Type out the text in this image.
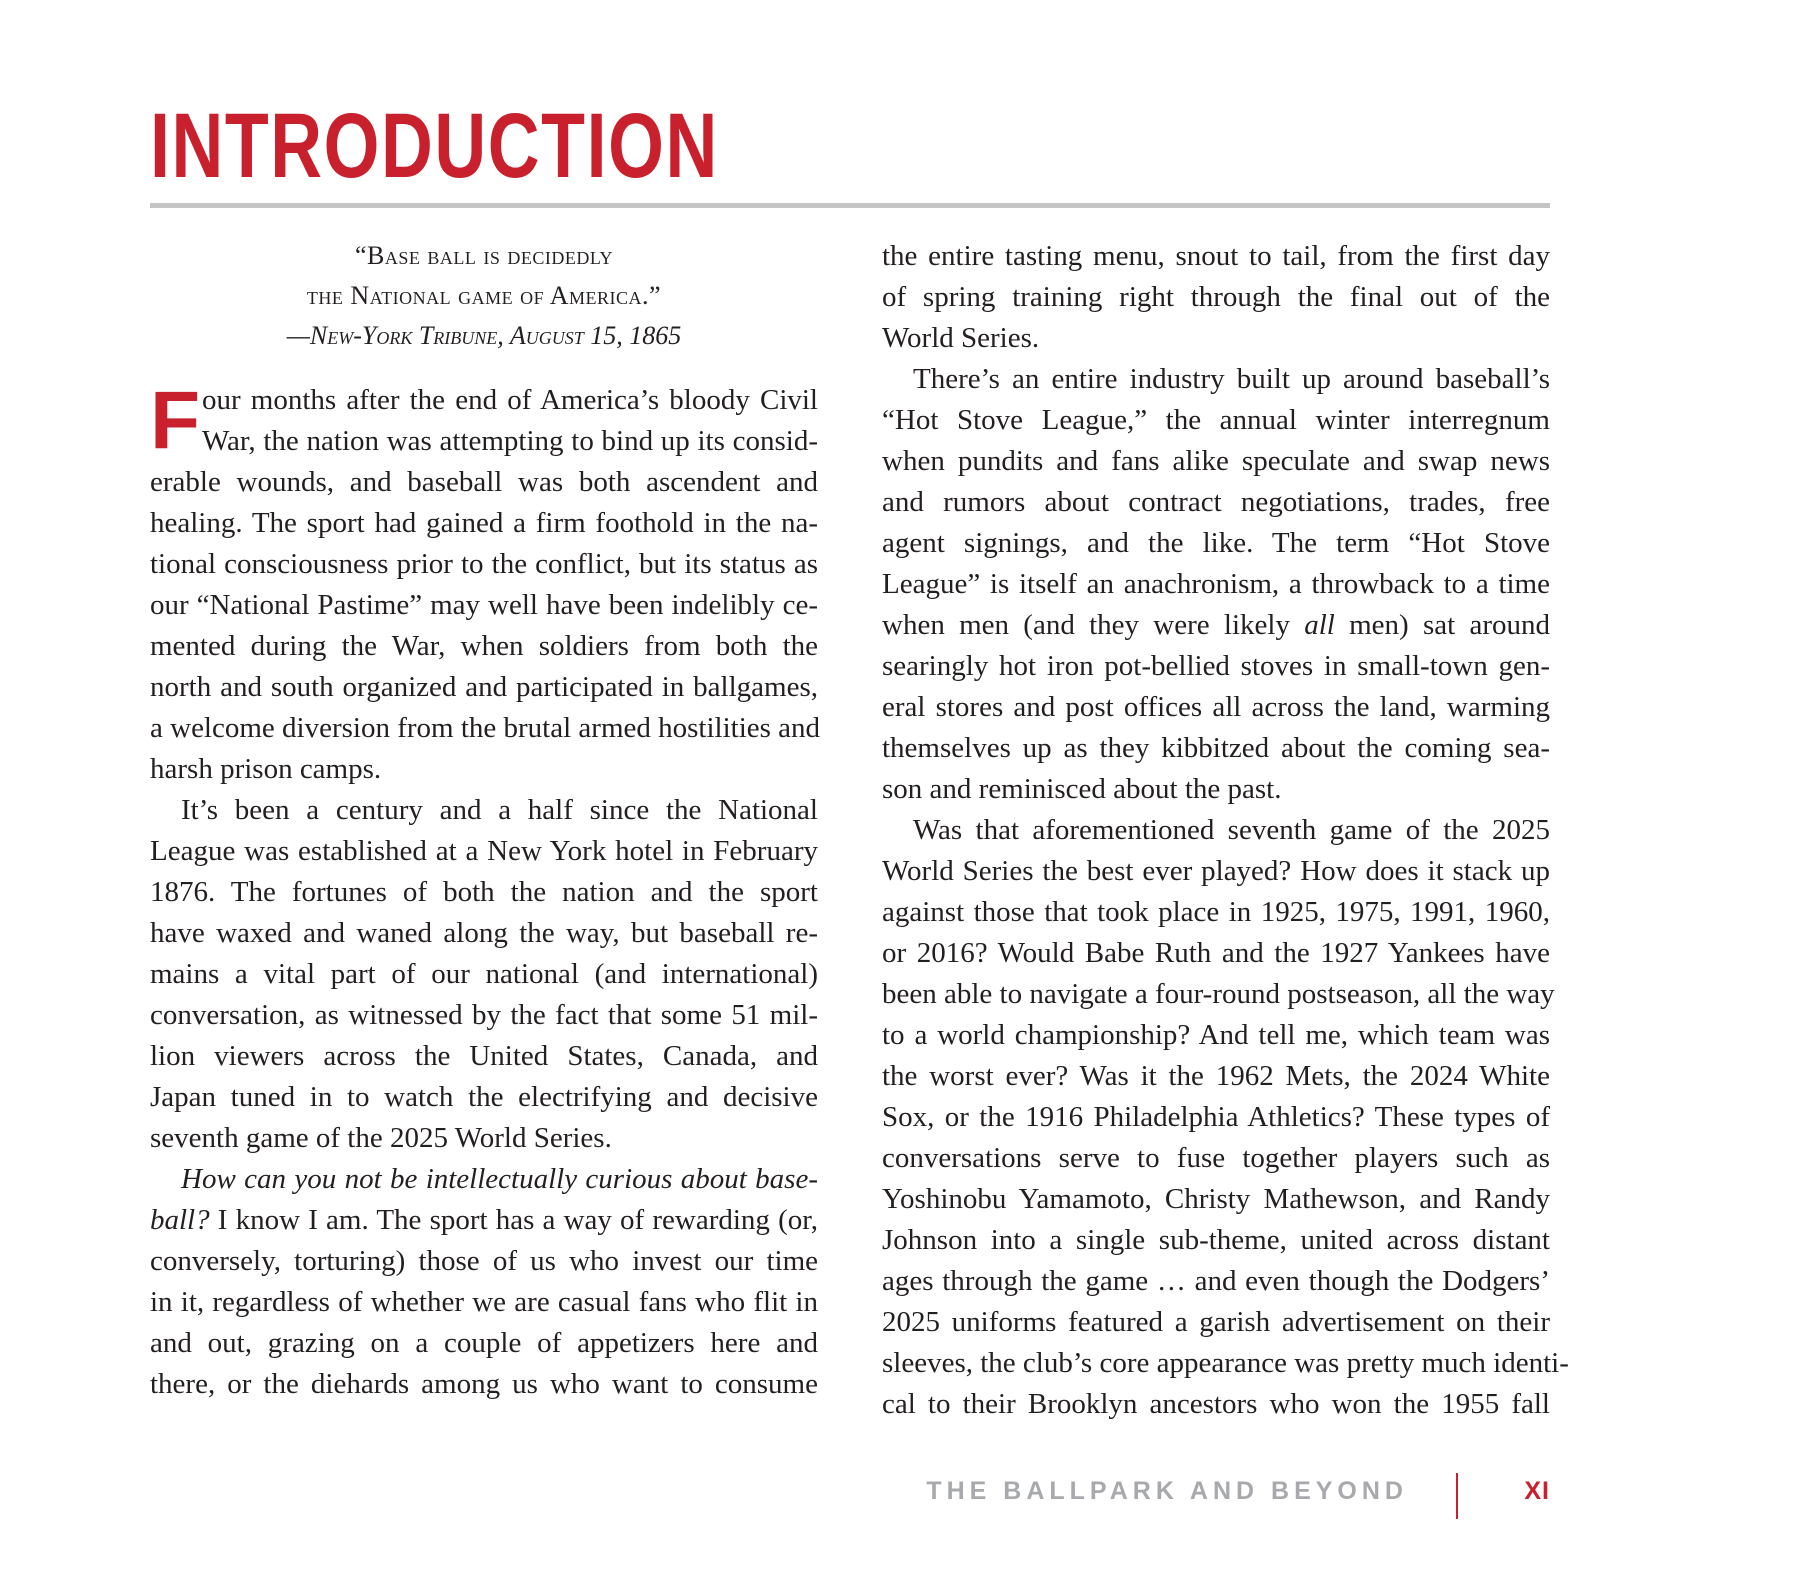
INTRODUCTION
“Base ball is decidedly
the National game of America.”
—New-York Tribune, August 15, 1865
F our months after the end of America’s bloody Civil
War, the nation was attempting to bind up its consid-
erable wounds, and baseball was both ascendent and
healing. The sport had gained a firm foothold in the na-
tional consciousness prior to the conflict, but its status as
our “National Pastime” may well have been indelibly ce-
mented during the War, when soldiers from both the
north and south organized and participated in ballgames,
a welcome diversion from the brutal armed hostilities and
harsh prison camps.
It’s been a century and a half since the National
League was established at a New York hotel in February
1876. The fortunes of both the nation and the sport
have waxed and waned along the way, but baseball re-
mains a vital part of our national (and international)
conversation, as witnessed by the fact that some 51 mil-
lion viewers across the United States, Canada, and
Japan tuned in to watch the electrifying and decisive
seventh game of the 2025 World Series.
How can you not be intellectually curious about base-
ball? I know I am. The sport has a way of rewarding (or,
conversely, torturing) those of us who invest our time
in it, regardless of whether we are casual fans who flit in
and out, grazing on a couple of appetizers here and
there, or the diehards among us who want to consume
the entire tasting menu, snout to tail, from the first day
of spring training right through the final out of the
World Series.
There’s an entire industry built up around baseball’s
“Hot Stove League,” the annual winter interregnum
when pundits and fans alike speculate and swap news
and rumors about contract negotiations, trades, free
agent signings, and the like. The term “Hot Stove
League” is itself an anachronism, a throwback to a time
when men (and they were likely all men) sat around
searingly hot iron pot-bellied stoves in small-town gen-
eral stores and post offices all across the land, warming
themselves up as they kibbitzed about the coming sea-
son and reminisced about the past.
Was that aforementioned seventh game of the 2025
World Series the best ever played? How does it stack up
against those that took place in 1925, 1975, 1991, 1960,
or 2016? Would Babe Ruth and the 1927 Yankees have
been able to navigate a four-round postseason, all the way
to a world championship? And tell me, which team was
the worst ever? Was it the 1962 Mets, the 2024 White
Sox, or the 1916 Philadelphia Athletics? These types of
conversations serve to fuse together players such as
Yoshinobu Yamamoto, Christy Mathewson, and Randy
Johnson into a single sub-theme, united across distant
ages through the game … and even though the Dodgers’
2025 uniforms featured a garish advertisement on their
sleeves, the club’s core appearance was pretty much identi-
cal to their Brooklyn ancestors who won the 1955 fall
THE BALLPARK AND BEYOND	XI
